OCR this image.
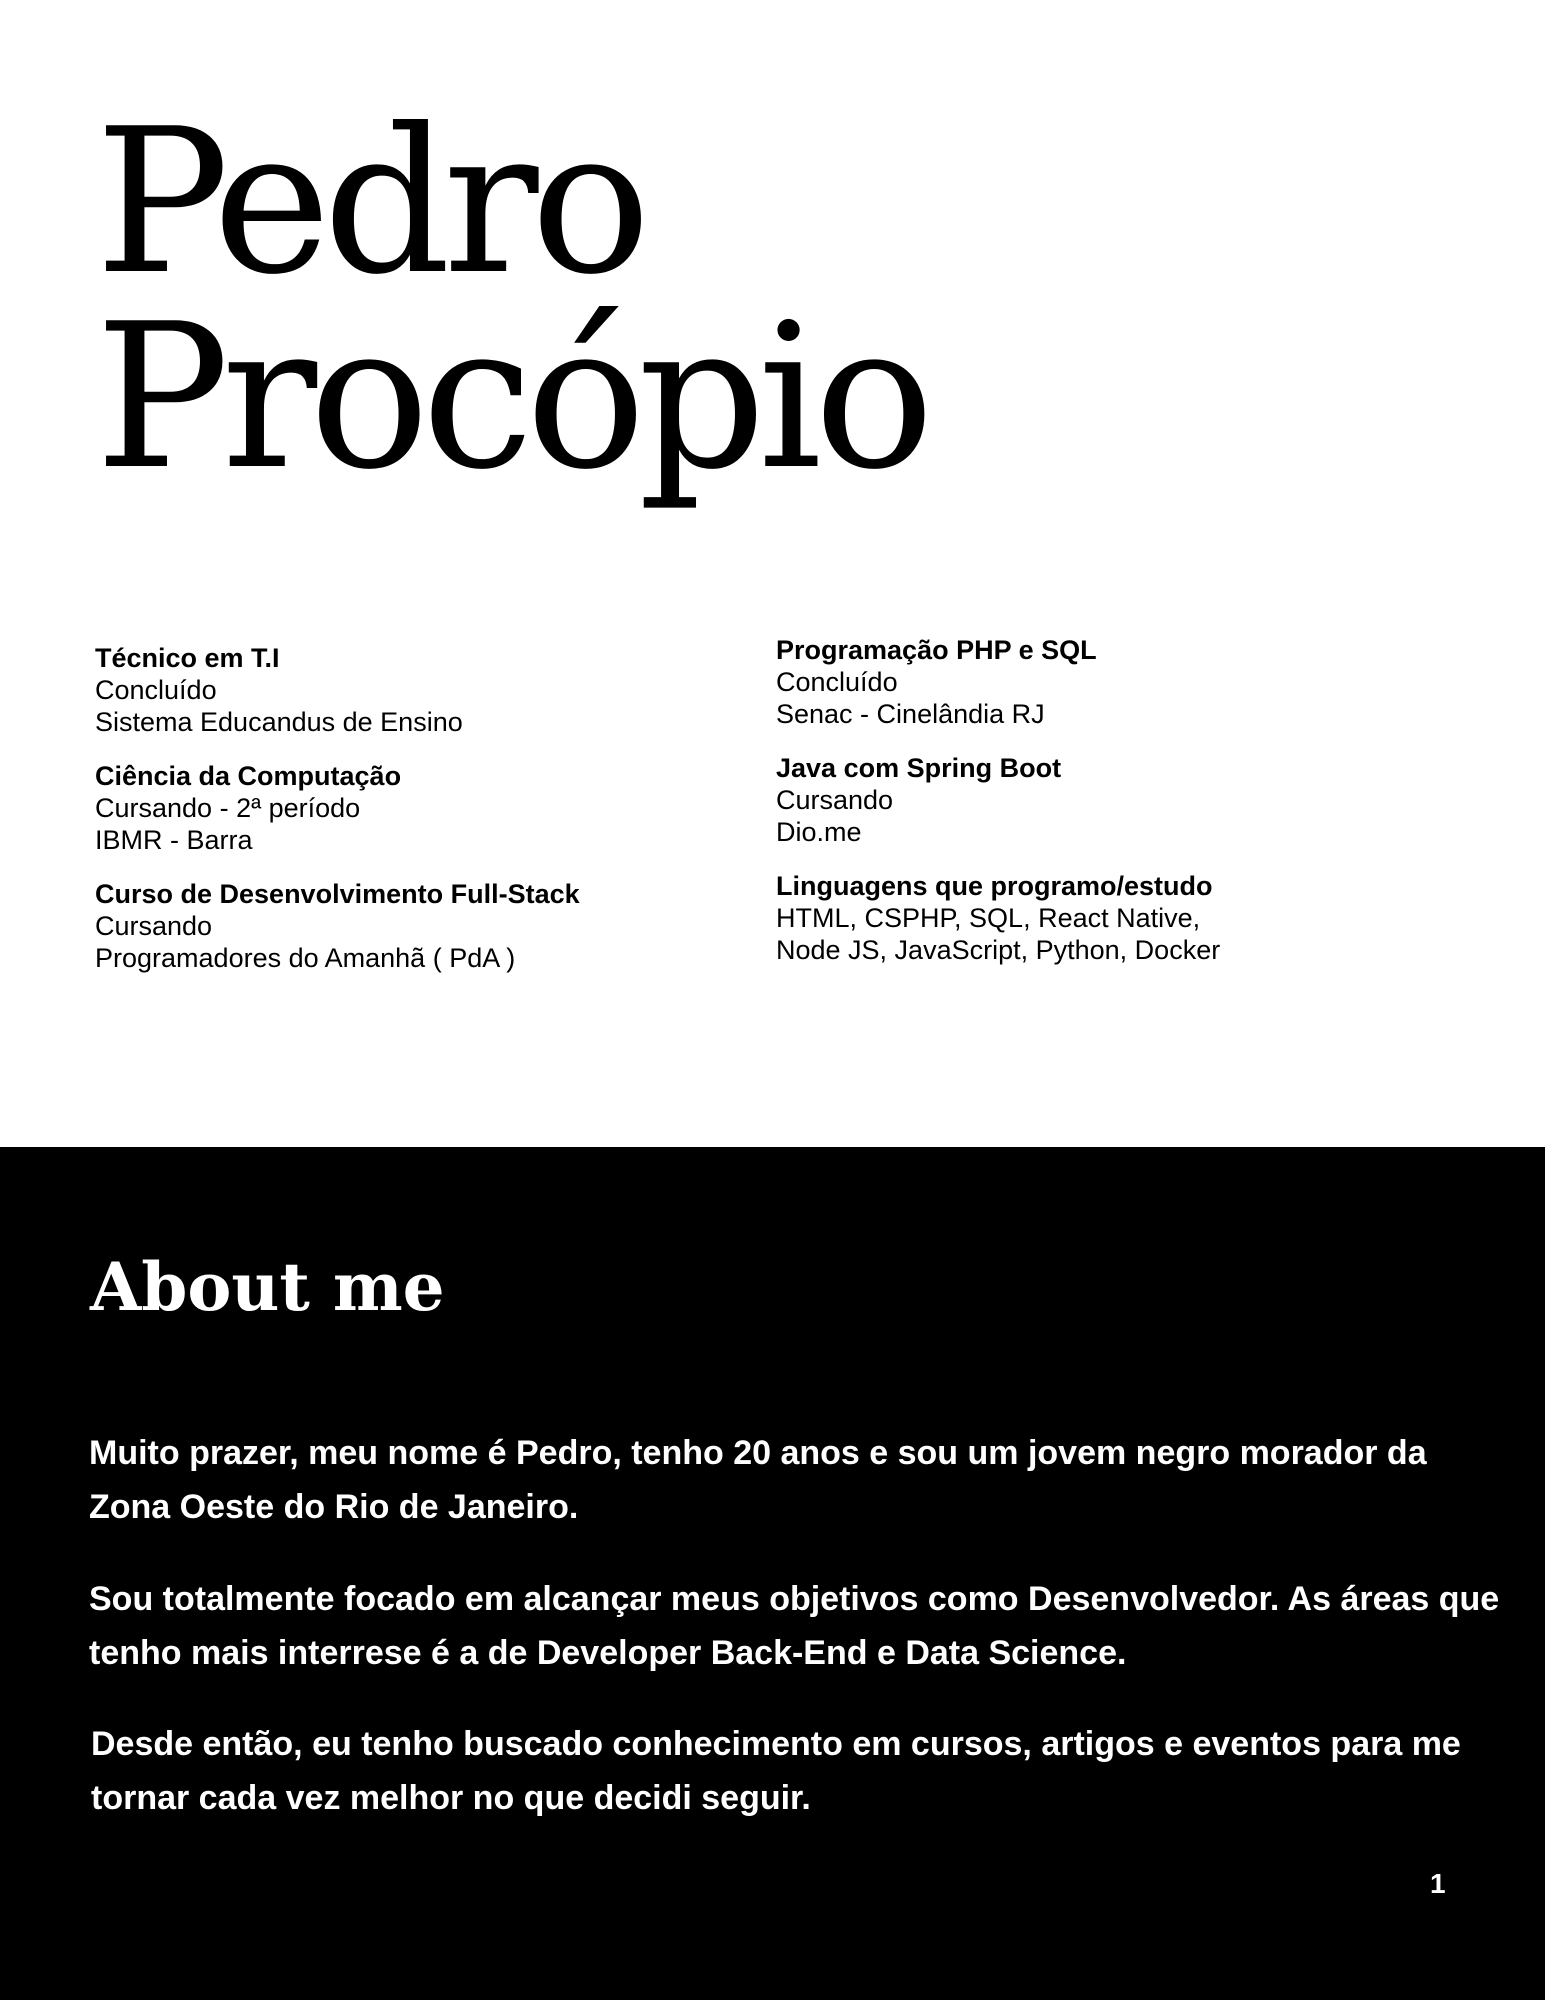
Pedro
Procópio
Técnico em T.I
Concluído
Sistema Educandus de Ensino
Ciência da Computação
Cursando - 2ª período
IBMR - Barra
Curso de Desenvolvimento Full-Stack
Cursando
Programadores do Amanhã ( PdA )
Programação PHP e SQL
Concluído
Senac - Cinelândia RJ
Java com Spring Boot
Cursando
Dio.me
Linguagens que programo/estudo
HTML, CSPHP, SQL, React Native,
Node JS, JavaScript, Python, Docker
About me

Muito prazer, meu nome é Pedro, tenho 20 anos e sou um jovem negro morador da Zona Oeste do Rio de Janeiro.

Sou totalmente focado em alcançar meus objetivos como Desenvolvedor. As áreas que tenho mais interrese é a de Developer Back-End e Data Science.

Desde então, eu tenho buscado conhecimento em cursos, artigos e eventos para me tornar cada vez melhor no que decidi seguir.

1
